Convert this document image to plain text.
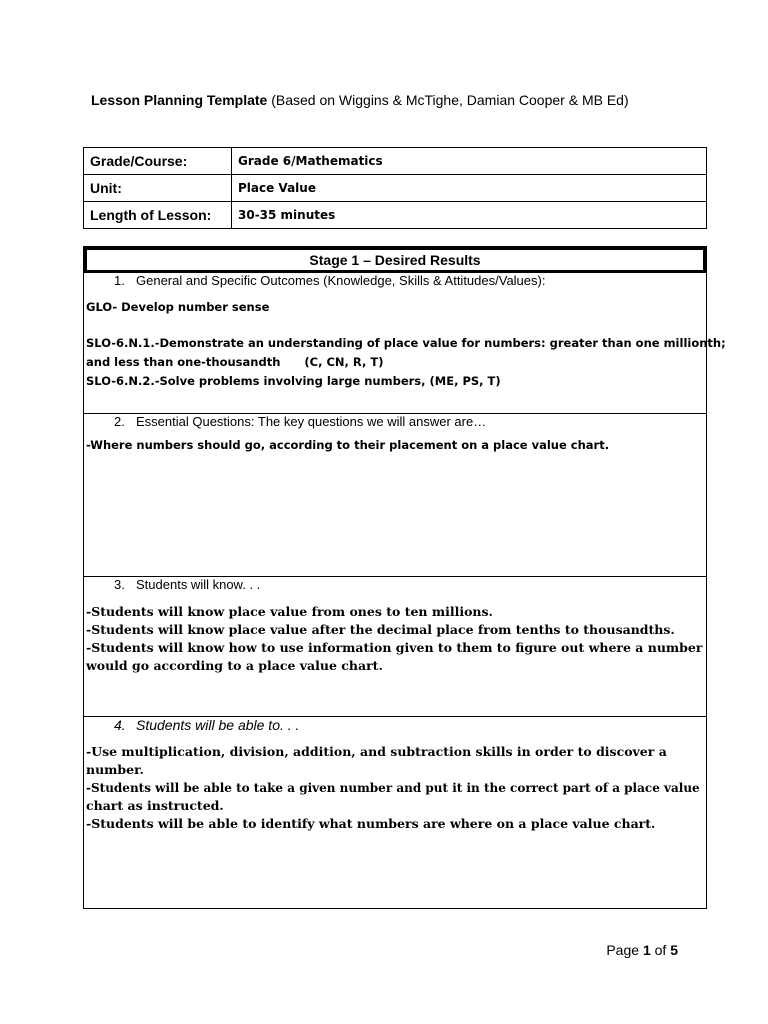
Lesson Planning Template (Based on Wiggins & McTighe, Damian Cooper & MB Ed)
Grade/Course:	Grade 6/Mathematics
Unit:	Place Value
Length of Lesson:	30-35 minutes
Stage 1 – Desired Results
1. General and Specific Outcomes (Knowledge, Skills & Attitudes/Values):
GLO- Develop number sense
SLO-6.N.1.-Demonstrate an understanding of place value for numbers: greater than one millionth;
and less than one-thousandth      (C, CN, R, T)
SLO-6.N.2.-Solve problems involving large numbers, (ME, PS, T)
2. Essential Questions: The key questions we will answer are…
-Where numbers should go, according to their placement on a place value chart.
3. Students will know. . .
-Students will know place value from ones to ten millions.
-Students will know place value after the decimal place from tenths to thousandths.
-Students will know how to use information given to them to figure out where a number
would go according to a place value chart.
4. Students will be able to. . .
-Use multiplication, division, addition, and subtraction skills in order to discover a
number.
-Students will be able to take a given number and put it in the correct part of a place value
chart as instructed.
-Students will be able to identify what numbers are where on a place value chart.
Page 1 of 5
